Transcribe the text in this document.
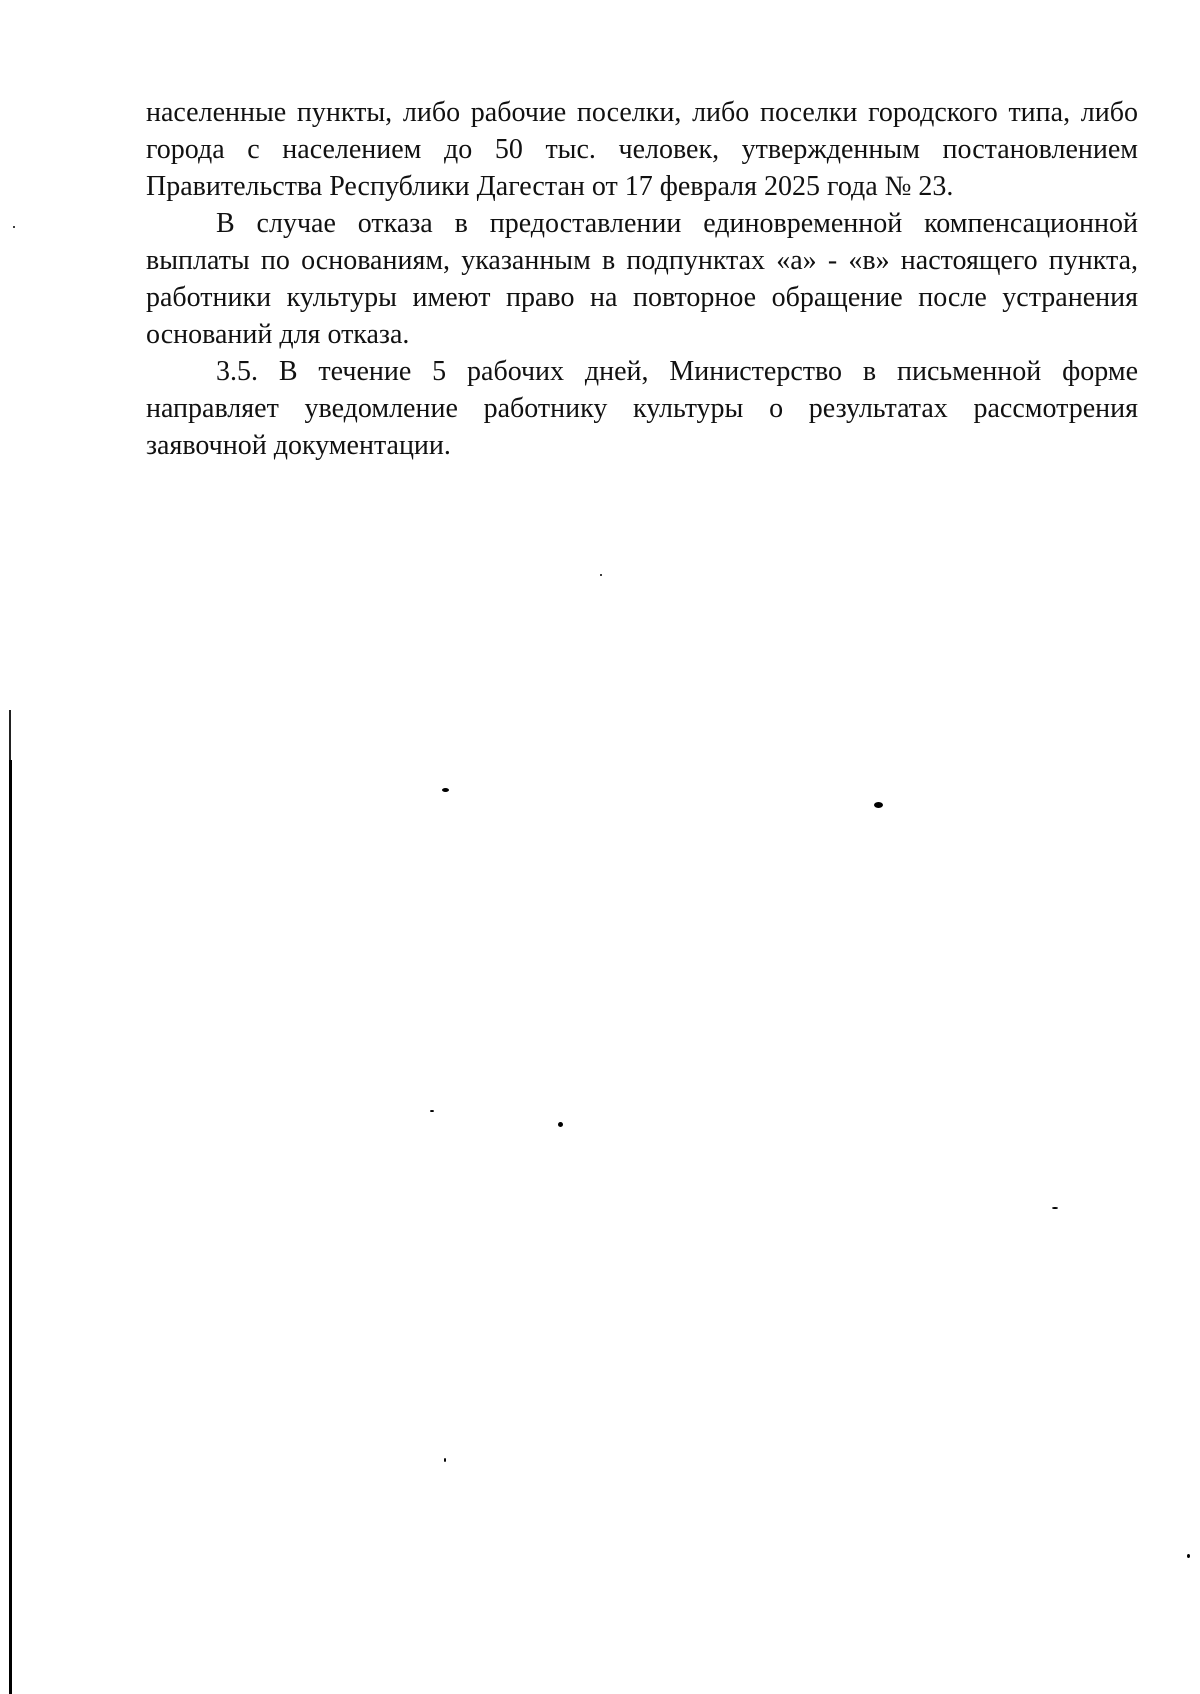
населенные пункты, либо рабочие поселки, либо поселки городского типа, либо города с населением до 50 тыс. человек, утвержденным постановлением Правительства Республики Дагестан от 17 февраля 2025 года № 23.

В случае отказа в предоставлении единовременной компенсационной выплаты по основаниям, указанным в подпунктах «а» - «в» настоящего пункта, работники культуры имеют право на повторное обращение после устранения оснований для отказа.

3.5. В течение 5 рабочих дней, Министерство в письменной форме направляет уведомление работнику культуры о результатах рассмотрения заявочной документации.
